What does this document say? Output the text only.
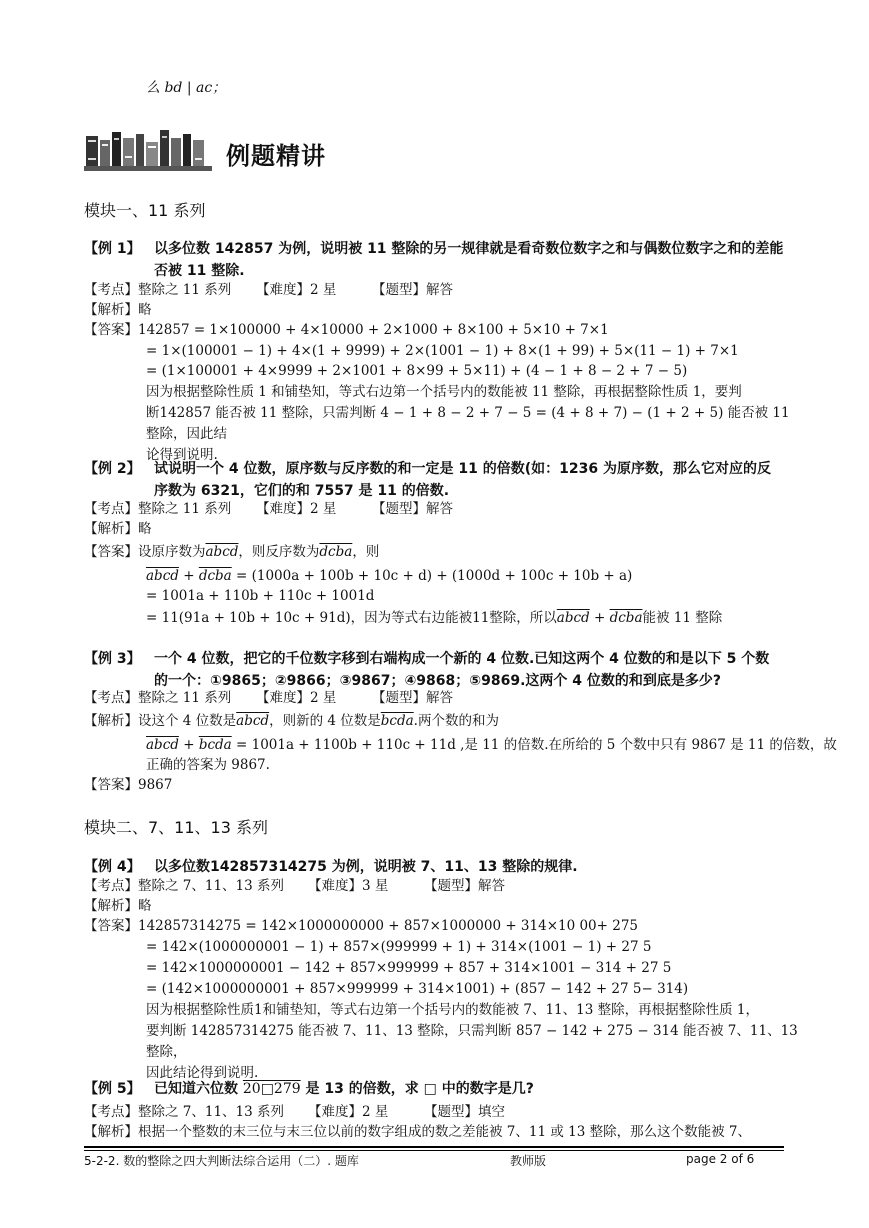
么 bd | ac；
例题精讲
模块一、11 系列
【例 1】 以多位数 142857 为例，说明被 11 整除的另一规律就是看奇数位数字之和与偶数位数字之和的差能
否被 11 整除.
【考点】整除之 11 系列 【难度】2 星	【题型】解答
【解析】略
【答案】142857 = 1×100000 + 4×10000 + 2×1000 + 8×100 + 5×10 + 7×1
= 1×(100001 − 1) + 4×(1 + 9999) + 2×(1001 − 1) + 8×(1 + 99) + 5×(11 − 1) + 7×1
= (1×100001 + 4×9999 + 2×1001 + 8×99 + 5×11) + (4 − 1 + 8 − 2 + 7 − 5)
因为根据整除性质 1 和铺垫知，等式右边第一个括号内的数能被 11 整除，再根据整除性质 1，要判
断142857 能否被 11 整除，只需判断 4 − 1 + 8 − 2 + 7 − 5 = (4 + 8 + 7) − (1 + 2 + 5) 能否被 11 整除，因此结
论得到说明.
【例 2】 试说明一个 4 位数，原序数与反序数的和一定是 11 的倍数(如：1236 为原序数，那么它对应的反
序数为 6321，它们的和 7557 是 11 的倍数.
【考点】整除之 11 系列 【难度】2 星	【题型】解答
【解析】略
【答案】设原序数为abcd，则反序数为dcba，则
abcd + dcba = (1000a + 100b + 10c + d) + (1000d + 100c + 10b + a)
= 1001a + 110b + 110c + 1001d
= 11(91a + 10b + 10c + 91d)，因为等式右边能被11整除，所以abcd + dcba能被 11 整除
【例 3】 一个 4 位数，把它的千位数字移到右端构成一个新的 4 位数.已知这两个 4 位数的和是以下 5 个数
的一个：①9865；②9866；③9867；④9868；⑤9869.这两个 4 位数的和到底是多少?
【考点】整除之 11 系列 【难度】2 星	【题型】解答
【解析】设这个 4 位数是abcd，则新的 4 位数是bcda.两个数的和为
abcd + bcda = 1001a + 1100b + 110c + 11d ,是 11 的倍数.在所给的 5 个数中只有 9867 是 11 的倍数，故
正确的答案为 9867.
【答案】9867
模块二、7、11、13 系列
【例 4】 以多位数142857314275 为例，说明被 7、11、13 整除的规律.
【考点】整除之 7、11、13 系列 【难度】3 星	【题型】解答
【解析】略
【答案】142857314275 = 142×1000000000 + 857×1000000 + 314×10 00+ 275
= 142×(1000000001 − 1) + 857×(999999 + 1) + 314×(1001 − 1) + 27 5
= 142×1000000001 − 142 + 857×999999 + 857 + 314×1001 − 314 + 27 5
= (142×1000000001 + 857×999999 + 314×1001) + (857 − 142 + 27 5− 314)
因为根据整除性质1和铺垫知，等式右边第一个括号内的数能被 7、11、13 整除，再根据整除性质 1，
要判断 142857314275 能否被 7、11、13 整除，只需判断 857 − 142 + 275 − 314 能否被 7、11、13 整除，
因此结论得到说明.
【例 5】 已知道六位数 20□279 是 13 的倍数，求 □ 中的数字是几?
【考点】整除之 7、11、13 系列 【难度】2 星	【题型】填空
【解析】根据一个整数的末三位与末三位以前的数字组成的数之差能被 7、11 或 13 整除，那么这个数能被 7、
5-2-2. 数的整除之四大判断法综合运用（二）. 题库	教师版	page 2 of 6
